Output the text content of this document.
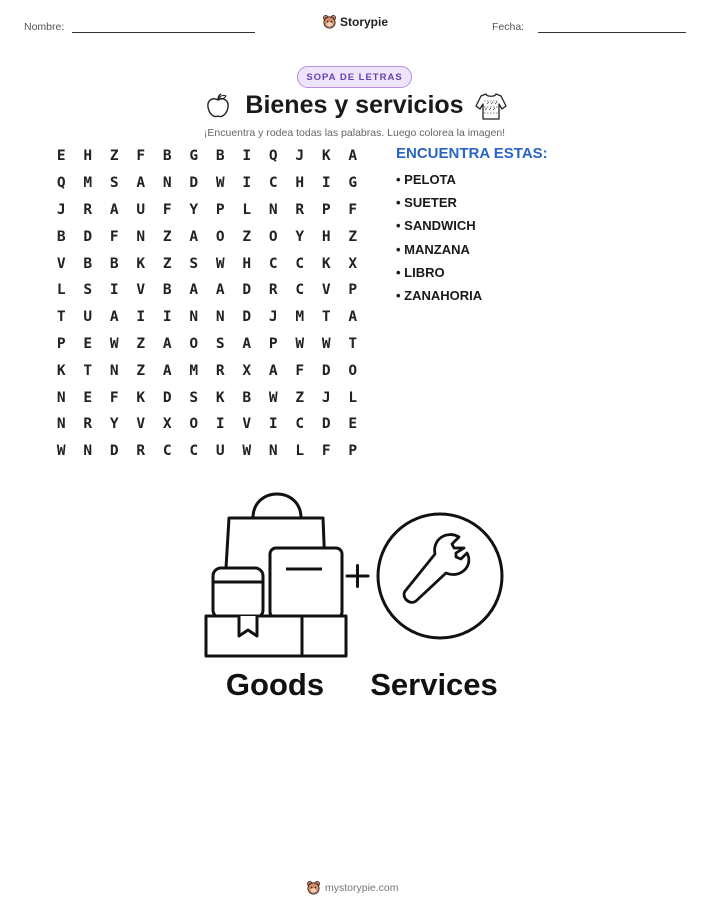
Nombre:	Storypie	Fecha:
SOPA DE LETRAS
Bienes y servicios
¡Encuentra y rodea todas las palabras. Luego colorea la imagen!
E	H	Z	F	B	G	B	I	Q	J	K	A
Q	M	S	A	N	D	W	I	C	H	I	G
J	R	A	U	F	Y	P	L	N	R	P	F
B	D	F	N	Z	A	O	Z	O	Y	H	Z
V	B	B	K	Z	S	W	H	C	C	K	X
L	S	I	V	B	A	A	D	R	C	V	P
T	U	A	I	I	N	N	D	J	M	T	A
P	E	W	Z	A	O	S	A	P	W	W	T
K	T	N	Z	A	M	R	X	A	F	D	O
N	E	F	K	D	S	K	B	W	Z	J	L
N	R	Y	V	X	O	I	V	I	C	D	E
W	N	D	R	C	C	U	W	N	L	F	P
ENCUENTRA ESTAS:
• PELOTA
• SUETER
• SANDWICH
• MANZANA
• LIBRO
• ZANAHORIA
Goods Services
mystorypie.com
